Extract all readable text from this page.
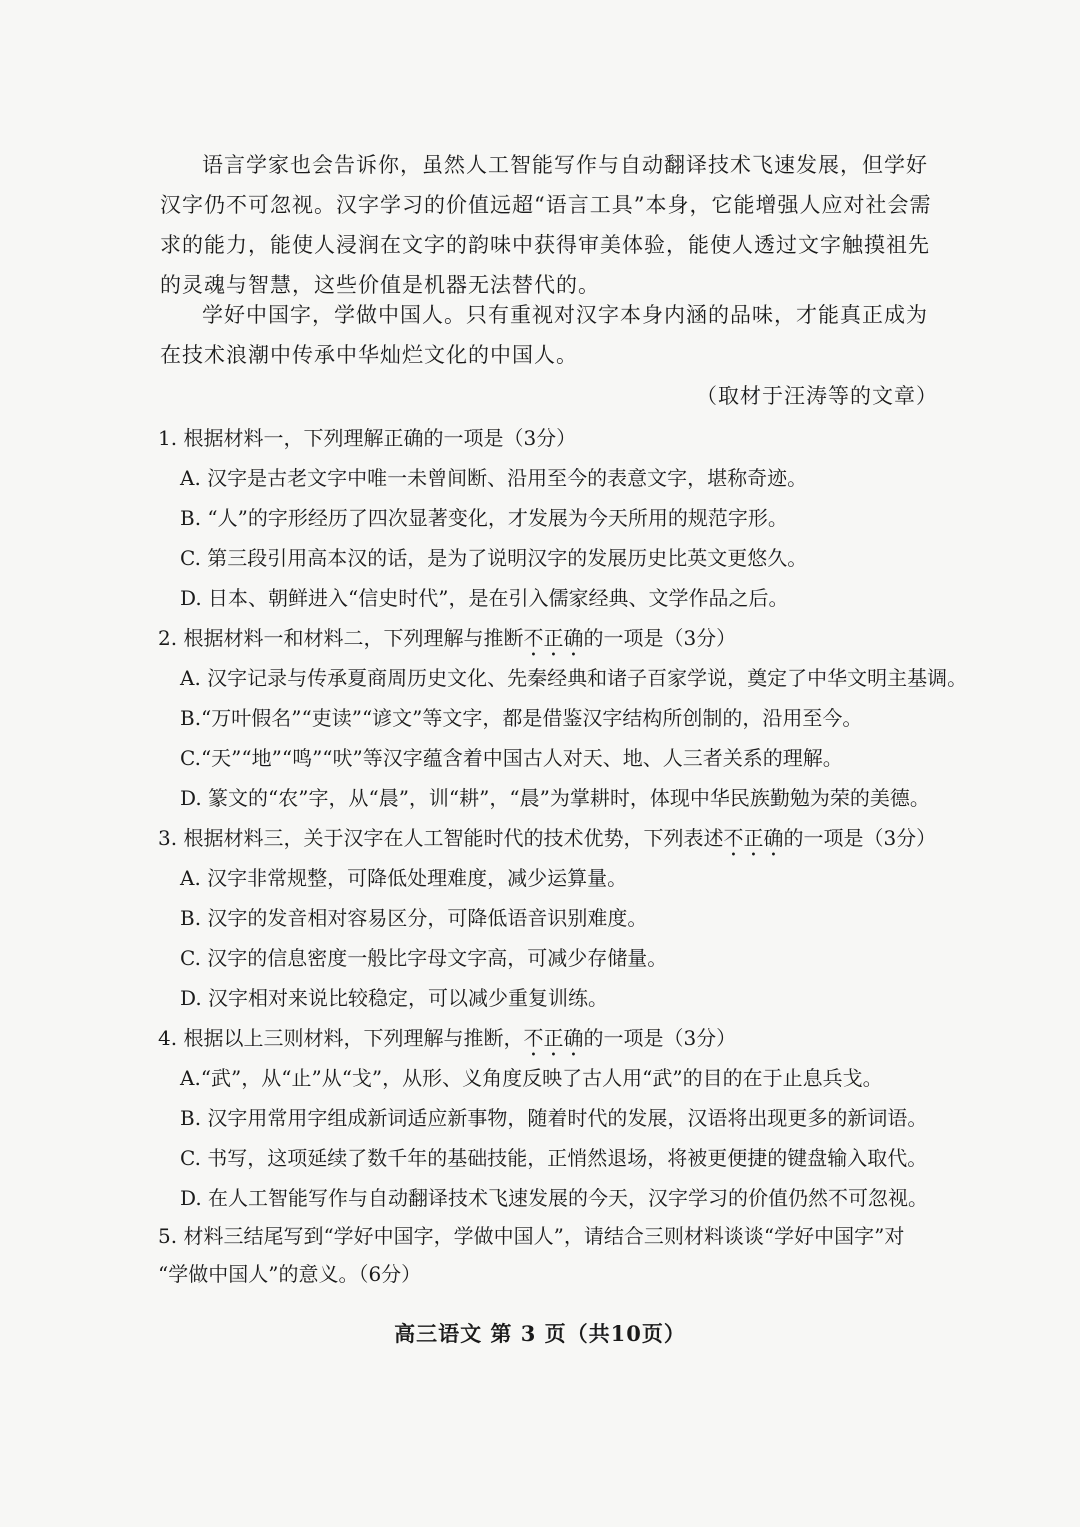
语言学家也会告诉你，虽然人工智能写作与自动翻译技术飞速发展，但学好汉字仍不可忽视。汉字学习的价值远超“语言工具”本身，它能增强人应对社会需求的能力，能使人浸润在文字的韵味中获得审美体验，能使人透过文字触摸祖先的灵魂与智慧，这些价值是机器无法替代的。

学好中国字，学做中国人。只有重视对汉字本身内涵的品味，才能真正成为在技术浪潮中传承中华灿烂文化的中国人。

（取材于汪涛等的文章）
1. 根据材料一，下列理解正确的一项是（3分）
A. 汉字是古老文字中唯一未曾间断、沿用至今的表意文字，堪称奇迹。
B. “人”的字形经历了四次显著变化，才发展为今天所用的规范字形。
C. 第三段引用高本汉的话，是为了说明汉字的发展历史比英文更悠久。
D. 日本、朝鲜进入“信史时代”，是在引入儒家经典、文学作品之后。
2. 根据材料一和材料二，下列理解与推断不正确的一项是（3分）
A. 汉字记录与传承夏商周历史文化、先秦经典和诸子百家学说，奠定了中华文明主基调。
B.“万叶假名”“吏读”“谚文”等文字，都是借鉴汉字结构所创制的，沿用至今。
C.“天”“地”“鸣”“吠”等汉字蕴含着中国古人对天、地、人三者关系的理解。
D. 篆文的“农”字，从“晨”，训“耕”，“晨”为掌耕时，体现中华民族勤勉为荣的美德。
3. 根据材料三，关于汉字在人工智能时代的技术优势，下列表述不正确的一项是（3分）
A. 汉字非常规整，可降低处理难度，减少运算量。
B. 汉字的发音相对容易区分，可降低语音识别难度。
C. 汉字的信息密度一般比字母文字高，可减少存储量。
D. 汉字相对来说比较稳定，可以减少重复训练。
4. 根据以上三则材料，下列理解与推断，不正确的一项是（3分）
A.“武”，从“止”从“戈”，从形、义角度反映了古人用“武”的目的在于止息兵戈。
B. 汉字用常用字组成新词适应新事物，随着时代的发展，汉语将出现更多的新词语。
C. 书写，这项延续了数千年的基础技能，正悄然退场，将被更便捷的键盘输入取代。
D. 在人工智能写作与自动翻译技术飞速发展的今天，汉字学习的价值仍然不可忽视。
5. 材料三结尾写到“学好中国字，学做中国人”，请结合三则材料谈谈“学好中国字”对
“学做中国人”的意义。（6分）
高三语文 第 3 页（共10页）
